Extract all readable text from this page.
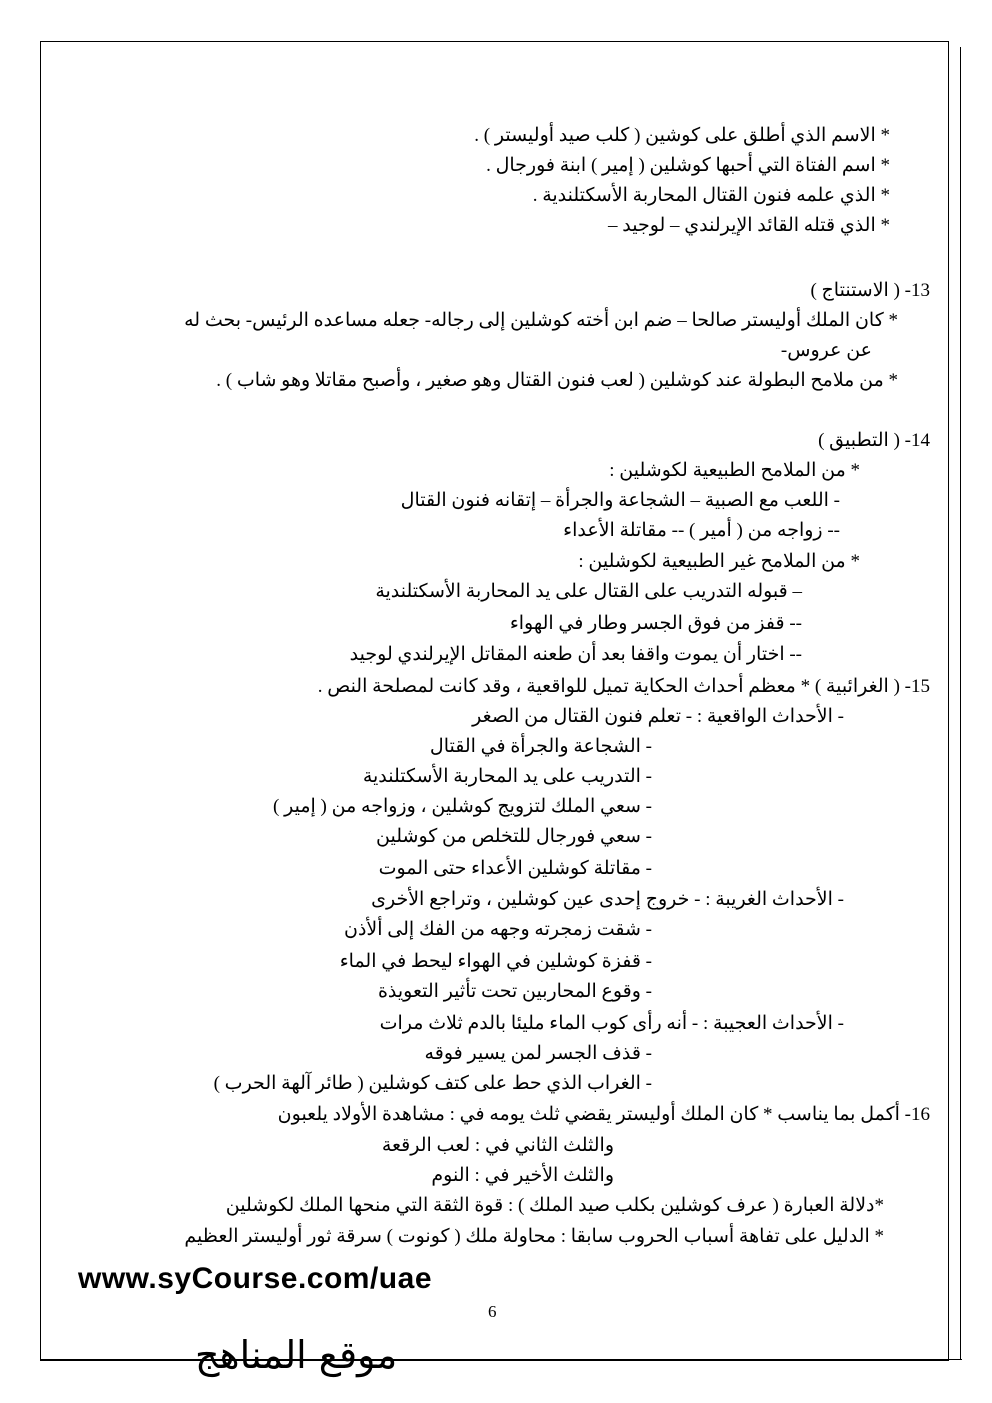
* الاسم الذي أطلق على كوشين ( كلب صيد أوليستر ) .
* اسم الفتاة التي أحبها كوشلين ( إمير ) ابنة فورجال .
* الذي علمه فنون القتال المحاربة الأسكتلندية .
* الذي قتله القائد الإيرلندي – لوجيد –
13- ( الاستنتاج )
* كان الملك أوليستر صالحا – ضم ابن أخته كوشلين إلى رجاله- جعله مساعده الرئيس- بحث له
عن عروس-
* من ملامح البطولة عند كوشلين ( لعب فنون القتال وهو صغير ، وأصبح مقاتلا وهو شاب ) .
14- ( التطبيق )
* من الملامح الطبيعية لكوشلين :
- اللعب مع الصبية – الشجاعة والجرأة – إتقانه فنون القتال
-- زواجه من ( أمير ) -- مقاتلة الأعداء
* من الملامح غير الطبيعية لكوشلين :
– قبوله التدريب على القتال على يد المحاربة الأسكتلندية
-- قفز من فوق الجسر وطار في الهواء
-- اختار أن يموت واقفا بعد أن طعنه المقاتل الإيرلندي لوجيد
15- ( الغرائبية ) * معظم أحداث الحكاية تميل للواقعية ، وقد كانت لمصلحة النص .
- الأحداث الواقعية : - تعلم فنون القتال من الصغر
- الشجاعة والجرأة في القتال
- التدريب على يد المحاربة الأسكتلندية
- سعي الملك لتزويج كوشلين ، وزواجه من ( إمير )
- سعي فورجال للتخلص من كوشلين
- مقاتلة كوشلين الأعداء حتى الموت
- الأحداث الغريبة : - خروج إحدى عين كوشلين ، وتراجع الأخرى
- شقت زمجرته وجهه من الفك إلى ألأذن
- قفزة كوشلين في الهواء ليحط في الماء
- وقوع المحاربين تحت تأثير التعويذة
- الأحداث العجيبة : - أنه رأى كوب الماء مليئا بالدم ثلاث مرات
- قذف الجسر لمن يسير فوقه
- الغراب الذي حط على كتف كوشلين ( طائر آلهة الحرب )
16- أكمل بما يناسب * كان الملك أوليستر يقضي ثلث يومه في : مشاهدة الأولاد يلعبون
والثلث الثاني في : لعب الرقعة
والثلث الأخير في : النوم
*دلالة العبارة ( عرف كوشلين بكلب صيد الملك ) : قوة الثقة التي منحها الملك لكوشلين
* الدليل على تفاهة أسباب الحروب سابقا : محاولة ملك ( كونوت ) سرقة ثور أوليستر العظيم
www.syCourse.com/uae
6
موقع المناهج
